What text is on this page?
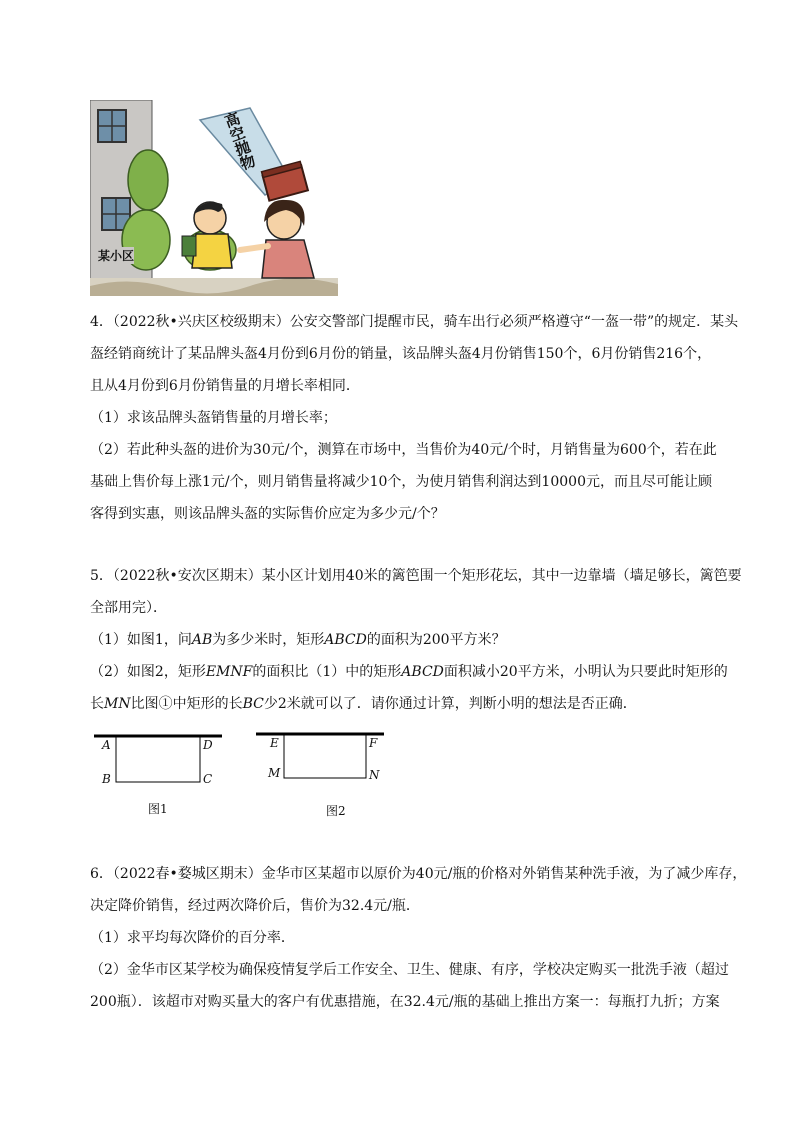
高空抛物
某小区

4．（2022秋•兴庆区校级期末）公安交警部门提醒市民，骑车出行必须严格遵守“一盔一带”的规定．某头

盔经销商统计了某品牌头盔4月份到6月份的销量，该品牌头盔4月份销售150个，6月份销售216个，

且从4月份到6月份销售量的月增长率相同．

（1）求该品牌头盔销售量的月增长率；

（2）若此种头盔的进价为30元/个，测算在市场中，当售价为40元/个时，月销售量为600个，若在此

基础上售价每上涨1元/个，则月销售量将减少10个，为使月销售利润达到10000元，而且尽可能让顾

客得到实惠，则该品牌头盔的实际售价应定为多少元/个？

5．（2022秋•安次区期末）某小区计划用40米的篱笆围一个矩形花坛，其中一边靠墙（墙足够长，篱笆要

全部用完）．

（1）如图1，问AB为多少米时，矩形ABCD的面积为200平方米？

（2）如图2，矩形EMNF的面积比（1）中的矩形ABCD面积减小20平方米，小明认为只要此时矩形的

长MN比图①中矩形的长BC少2米就可以了．请你通过计算，判断小明的想法是否正确．

A	D
B	C
图1
E	F
M	N
图2

6．（2022春•婺城区期末）金华市区某超市以原价为40元/瓶的价格对外销售某种洗手液，为了减少库存，

决定降价销售，经过两次降价后，售价为32.4元/瓶．

（1）求平均每次降价的百分率．

（2）金华市区某学校为确保疫情复学后工作安全、卫生、健康、有序，学校决定购买一批洗手液（超过

200瓶）．该超市对购买量大的客户有优惠措施，在32.4元/瓶的基础上推出方案一：每瓶打九折；方案
